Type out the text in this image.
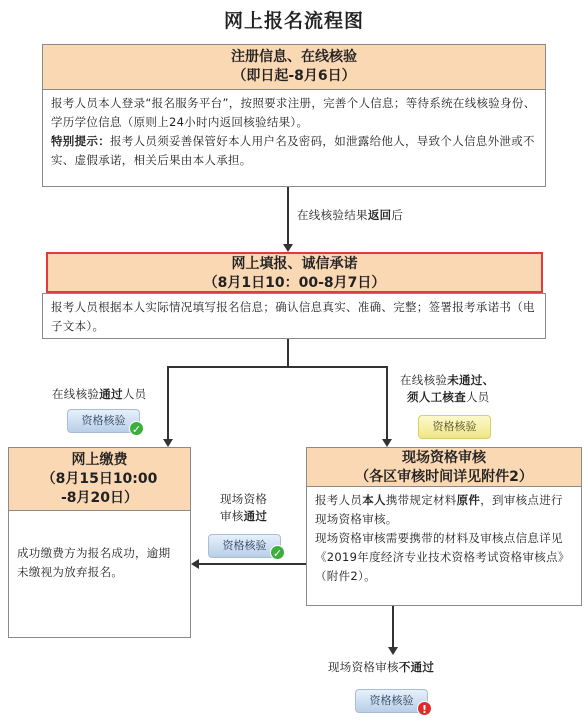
网上报名流程图
注册信息、在线核验
（即日起-8月6日）
报考人员本人登录“报名服务平台”，按照要求注册，完善个人信息；等待系统在线核验身份、学历学位信息（原则上24小时内返回核验结果）。
特别提示：报考人员须妥善保管好本人用户名及密码，如泄露给他人，导致个人信息外泄或不实、虚假承诺，相关后果由本人承担。
在线核验结果返回后
网上填报、诚信承诺
（8月1日10：00-8月7日）
报考人员根据本人实际情况填写报名信息；确认信息真实、准确、完整；签署报考承诺书（电子文本）。
在线核验通过人员
资格核验
✓
在线核验未通过、
须人工核查人员
资格核验
网上缴费
（8月15日10:00
-8月20日）
成功缴费方为报名成功，逾期未缴视为放弃报名。
现场资格审核
（各区审核时间详见附件2）
报考人员本人携带规定材料原件，到审核点进行现场资格审核。
现场资格审核需要携带的材料及审核点信息详见《2019年度经济专业技术资格考试资格审核点》（附件2）。
现场资格
审核通过
资格核验
✓
现场资格审核不通过
资格核验
!
